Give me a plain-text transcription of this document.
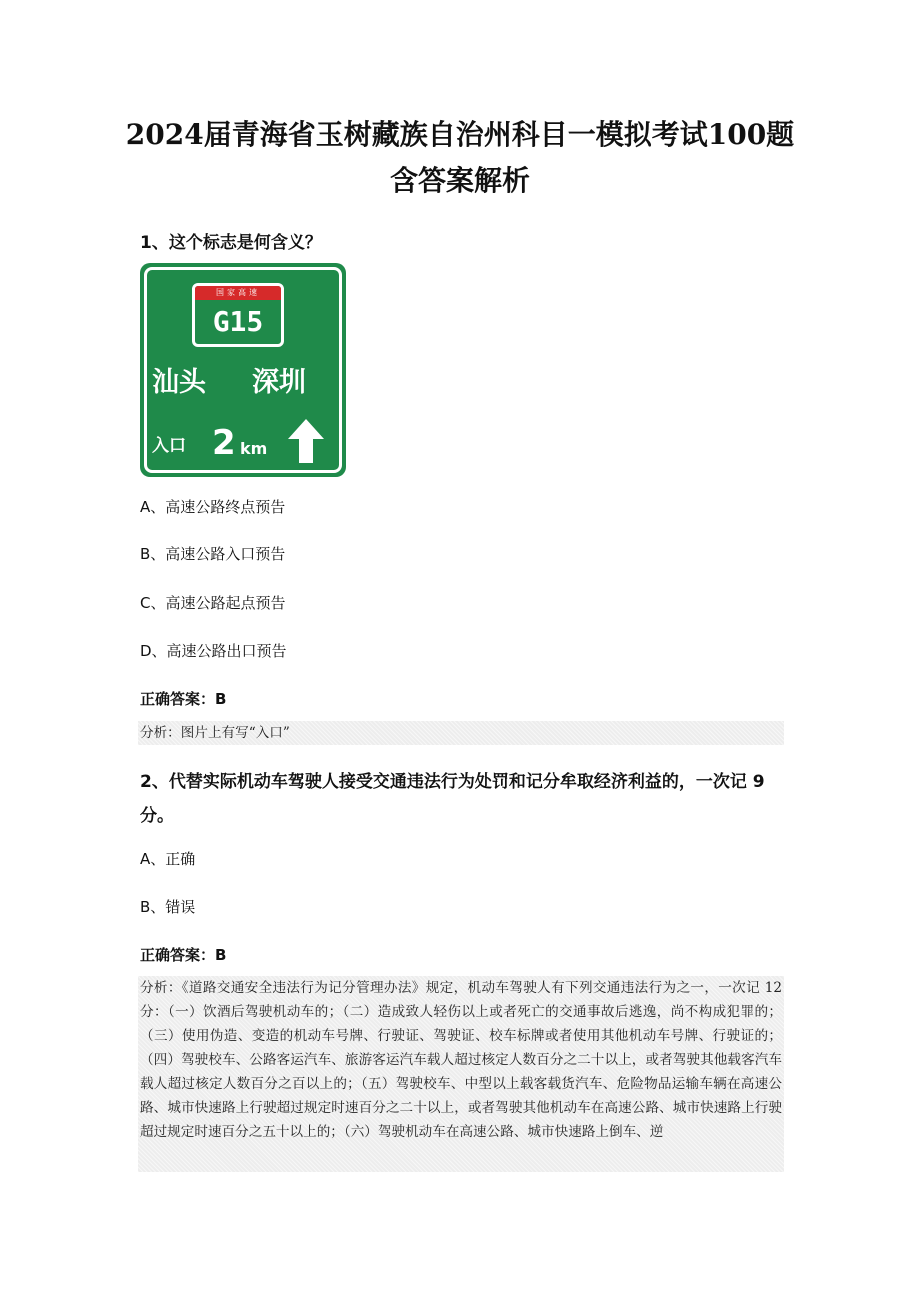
2024届青海省玉树藏族自治州科目一模拟考试100题
含答案解析
1、这个标志是何含义？
国家高速
G15
汕头 深圳
入口 2 km
A、高速公路终点预告
B、高速公路入口预告
C、高速公路起点预告
D、高速公路出口预告
正确答案：B
分析：图片上有写“入口”
2、代替实际机动车驾驶人接受交通违法行为处罚和记分牟取经济利益的，一次记 9 分。
A、正确
B、错误
正确答案：B
分析：《道路交通安全违法行为记分管理办法》规定，机动车驾驶人有下列交通违法行为之一，一次记 12 分：（一）饮酒后驾驶机动车的；（二）造成致人轻伤以上或者死亡的交通事故后逃逸，尚不构成犯罪的；（三）使用伪造、变造的机动车号牌、行驶证、驾驶证、校车标牌或者使用其他机动车号牌、行驶证的；（四）驾驶校车、公路客运汽车、旅游客运汽车载人超过核定人数百分之二十以上，或者驾驶其他载客汽车载人超过核定人数百分之百以上的；（五）驾驶校车、中型以上载客载货汽车、危险物品运输车辆在高速公路、城市快速路上行驶超过规定时速百分之二十以上，或者驾驶其他机动车在高速公路、城市快速路上行驶超过规定时速百分之五十以上的；（六）驾驶机动车在高速公路、城市快速路上倒车、逆
